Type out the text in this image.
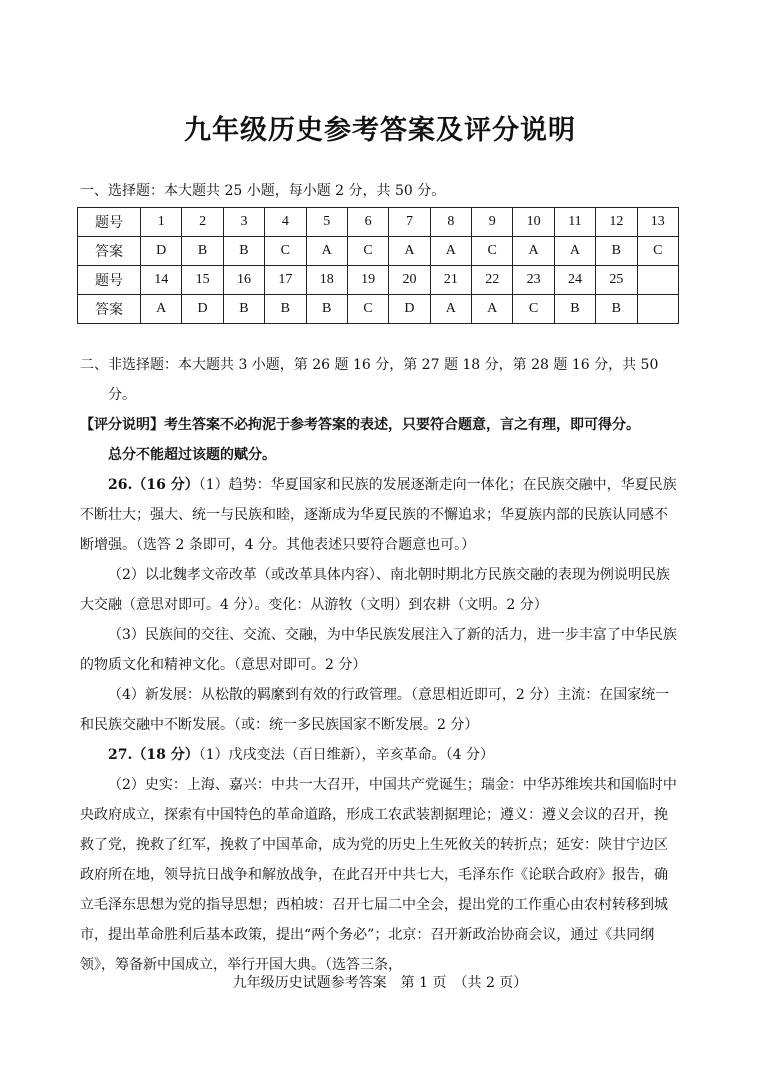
九年级历史参考答案及评分说明
一、选择题：本大题共 25 小题，每小题 2 分，共 50 分。
题号	1	2	3	4	5	6	7	8	9	10	11	12	13
答案	D	B	B	C	A	C	A	A	C	A	A	B	C
题号	14	15	16	17	18	19	20	21	22	23	24	25	
答案	A	D	B	B	B	C	D	A	A	C	B	B	
二、非选择题：本大题共 3 小题，第 26 题 16 分，第 27 题 18 分，第 28 题 16 分，共 50
分。
【评分说明】考生答案不必拘泥于参考答案的表述，只要符合题意，言之有理，即可得分。
总分不能超过该题的赋分。
26.（16 分）（1）趋势：华夏国家和民族的发展逐渐走向一体化；在民族交融中，华夏民族不断壮大；强大、统一与民族和睦，逐渐成为华夏民族的不懈追求；华夏族内部的民族认同感不断增强。（选答 2 条即可，4 分。其他表述只要符合题意也可。）
（2）以北魏孝文帝改革（或改革具体内容）、南北朝时期北方民族交融的表现为例说明民族大交融（意思对即可。4 分）。变化：从游牧（文明）到农耕（文明。2 分）
（3）民族间的交往、交流、交融，为中华民族发展注入了新的活力，进一步丰富了中华民族的物质文化和精神文化。（意思对即可。2 分）
（4）新发展：从松散的羁縻到有效的行政管理。（意思相近即可，2 分）主流：在国家统一和民族交融中不断发展。（或：统一多民族国家不断发展。2 分）
27.（18 分）（1）戊戌变法（百日维新），辛亥革命。（4 分）
（2）史实：上海、嘉兴：中共一大召开，中国共产党诞生；瑞金：中华苏维埃共和国临时中央政府成立，探索有中国特色的革命道路，形成工农武装割据理论；遵义：遵义会议的召开，挽救了党，挽救了红军，挽救了中国革命，成为党的历史上生死攸关的转折点；延安：陕甘宁边区政府所在地，领导抗日战争和解放战争，在此召开中共七大，毛泽东作《论联合政府》报告，确立毛泽东思想为党的指导思想；西柏坡：召开七届二中全会，提出党的工作重心由农村转移到城市，提出革命胜利后基本政策，提出“两个务必”；北京：召开新政治协商会议，通过《共同纲领》，筹备新中国成立，举行开国大典。（选答三条，
九年级历史试题参考答案　第 1 页　（共 2 页）
